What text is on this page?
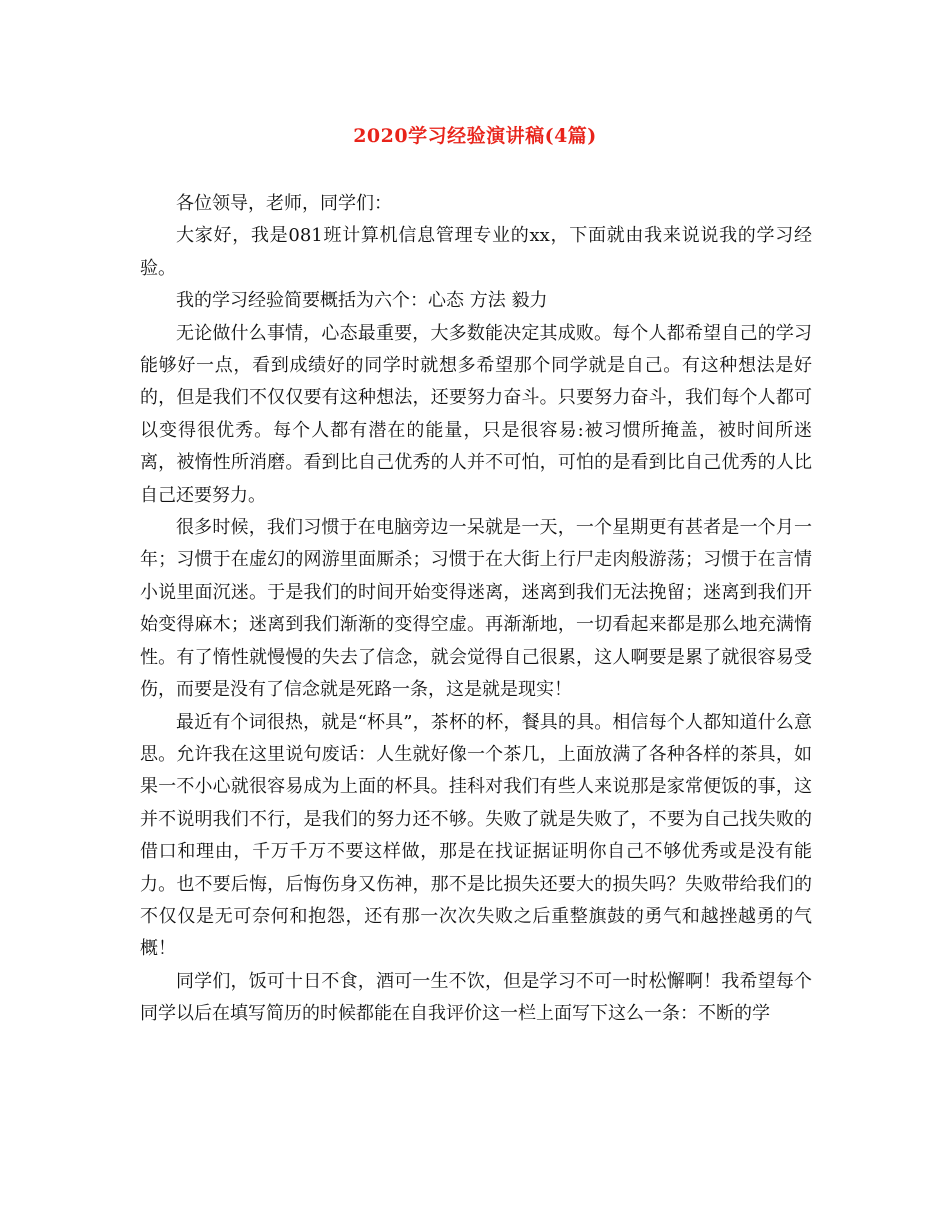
2020学习经验演讲稿(4篇)

各位领导，老师，同学们：

大家好，我是081班计算机信息管理专业的xx，下面就由我来说说我的学习经验。

我的学习经验简要概括为六个：心态 方法 毅力

无论做什么事情，心态最重要，大多数能决定其成败。每个人都希望自己的学习能够好一点，看到成绩好的同学时就想多希望那个同学就是自己。有这种想法是好的，但是我们不仅仅要有这种想法，还要努力奋斗。只要努力奋斗，我们每个人都可以变得很优秀。每个人都有潜在的能量，只是很容易:被习惯所掩盖，被时间所迷离，被惰性所消磨。看到比自己优秀的人并不可怕，可怕的是看到比自己优秀的人比自己还要努力。

很多时候，我们习惯于在电脑旁边一呆就是一天，一个星期更有甚者是一个月一年；习惯于在虚幻的网游里面厮杀；习惯于在大街上行尸走肉般游荡；习惯于在言情小说里面沉迷。于是我们的时间开始变得迷离，迷离到我们无法挽留；迷离到我们开始变得麻木；迷离到我们渐渐的变得空虚。再渐渐地，一切看起来都是那么地充满惰性。有了惰性就慢慢的失去了信念，就会觉得自己很累，这人啊要是累了就很容易受伤，而要是没有了信念就是死路一条，这是就是现实！

最近有个词很热，就是“杯具”，茶杯的杯，餐具的具。相信每个人都知道什么意思。允许我在这里说句废话：人生就好像一个茶几，上面放满了各种各样的茶具，如果一不小心就很容易成为上面的杯具。挂科对我们有些人来说那是家常便饭的事，这并不说明我们不行，是我们的努力还不够。失败了就是失败了，不要为自己找失败的借口和理由，千万千万不要这样做，那是在找证据证明你自己不够优秀或是没有能力。也不要后悔，后悔伤身又伤神，那不是比损失还要大的损失吗？失败带给我们的不仅仅是无可奈何和抱怨，还有那一次次失败之后重整旗鼓的勇气和越挫越勇的气概！

同学们，饭可十日不食，酒可一生不饮，但是学习不可一时松懈啊！我希望每个同学以后在填写简历的时候都能在自我评价这一栏上面写下这么一条：不断的学
